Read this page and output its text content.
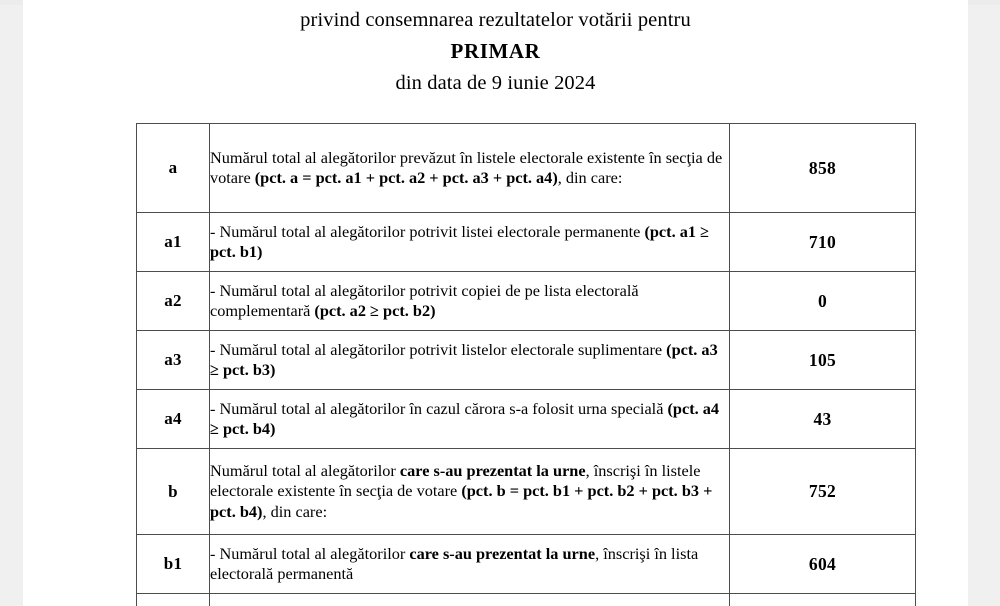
privind consemnarea rezultatelor votării pentru
PRIMAR
din data de 9 iunie 2024
a	Numărul total al alegătorilor prevăzut în listele electorale existente în secţia de votare (pct. a = pct. a1 + pct. a2 + pct. a3 + pct. a4), din care:	858
a1	- Numărul total al alegătorilor potrivit listei electorale permanente (pct. a1 ≥ pct. b1)	710
a2	- Numărul total al alegătorilor potrivit copiei de pe lista electorală complementară (pct. a2 ≥ pct. b2)	0
a3	- Numărul total al alegătorilor potrivit listelor electorale suplimentare (pct. a3 ≥ pct. b3)	105
a4	- Numărul total al alegătorilor în cazul cărora s-a folosit urna specială (pct. a4 ≥ pct. b4)	43
b	Numărul total al alegătorilor care s-au prezentat la urne, înscrişi în listele electorale existente în secţia de votare (pct. b = pct. b1 + pct. b2 + pct. b3 + pct. b4), din care:	752
b1	- Numărul total al alegătorilor care s-au prezentat la urne, înscrişi în lista electorală permanentă	604
